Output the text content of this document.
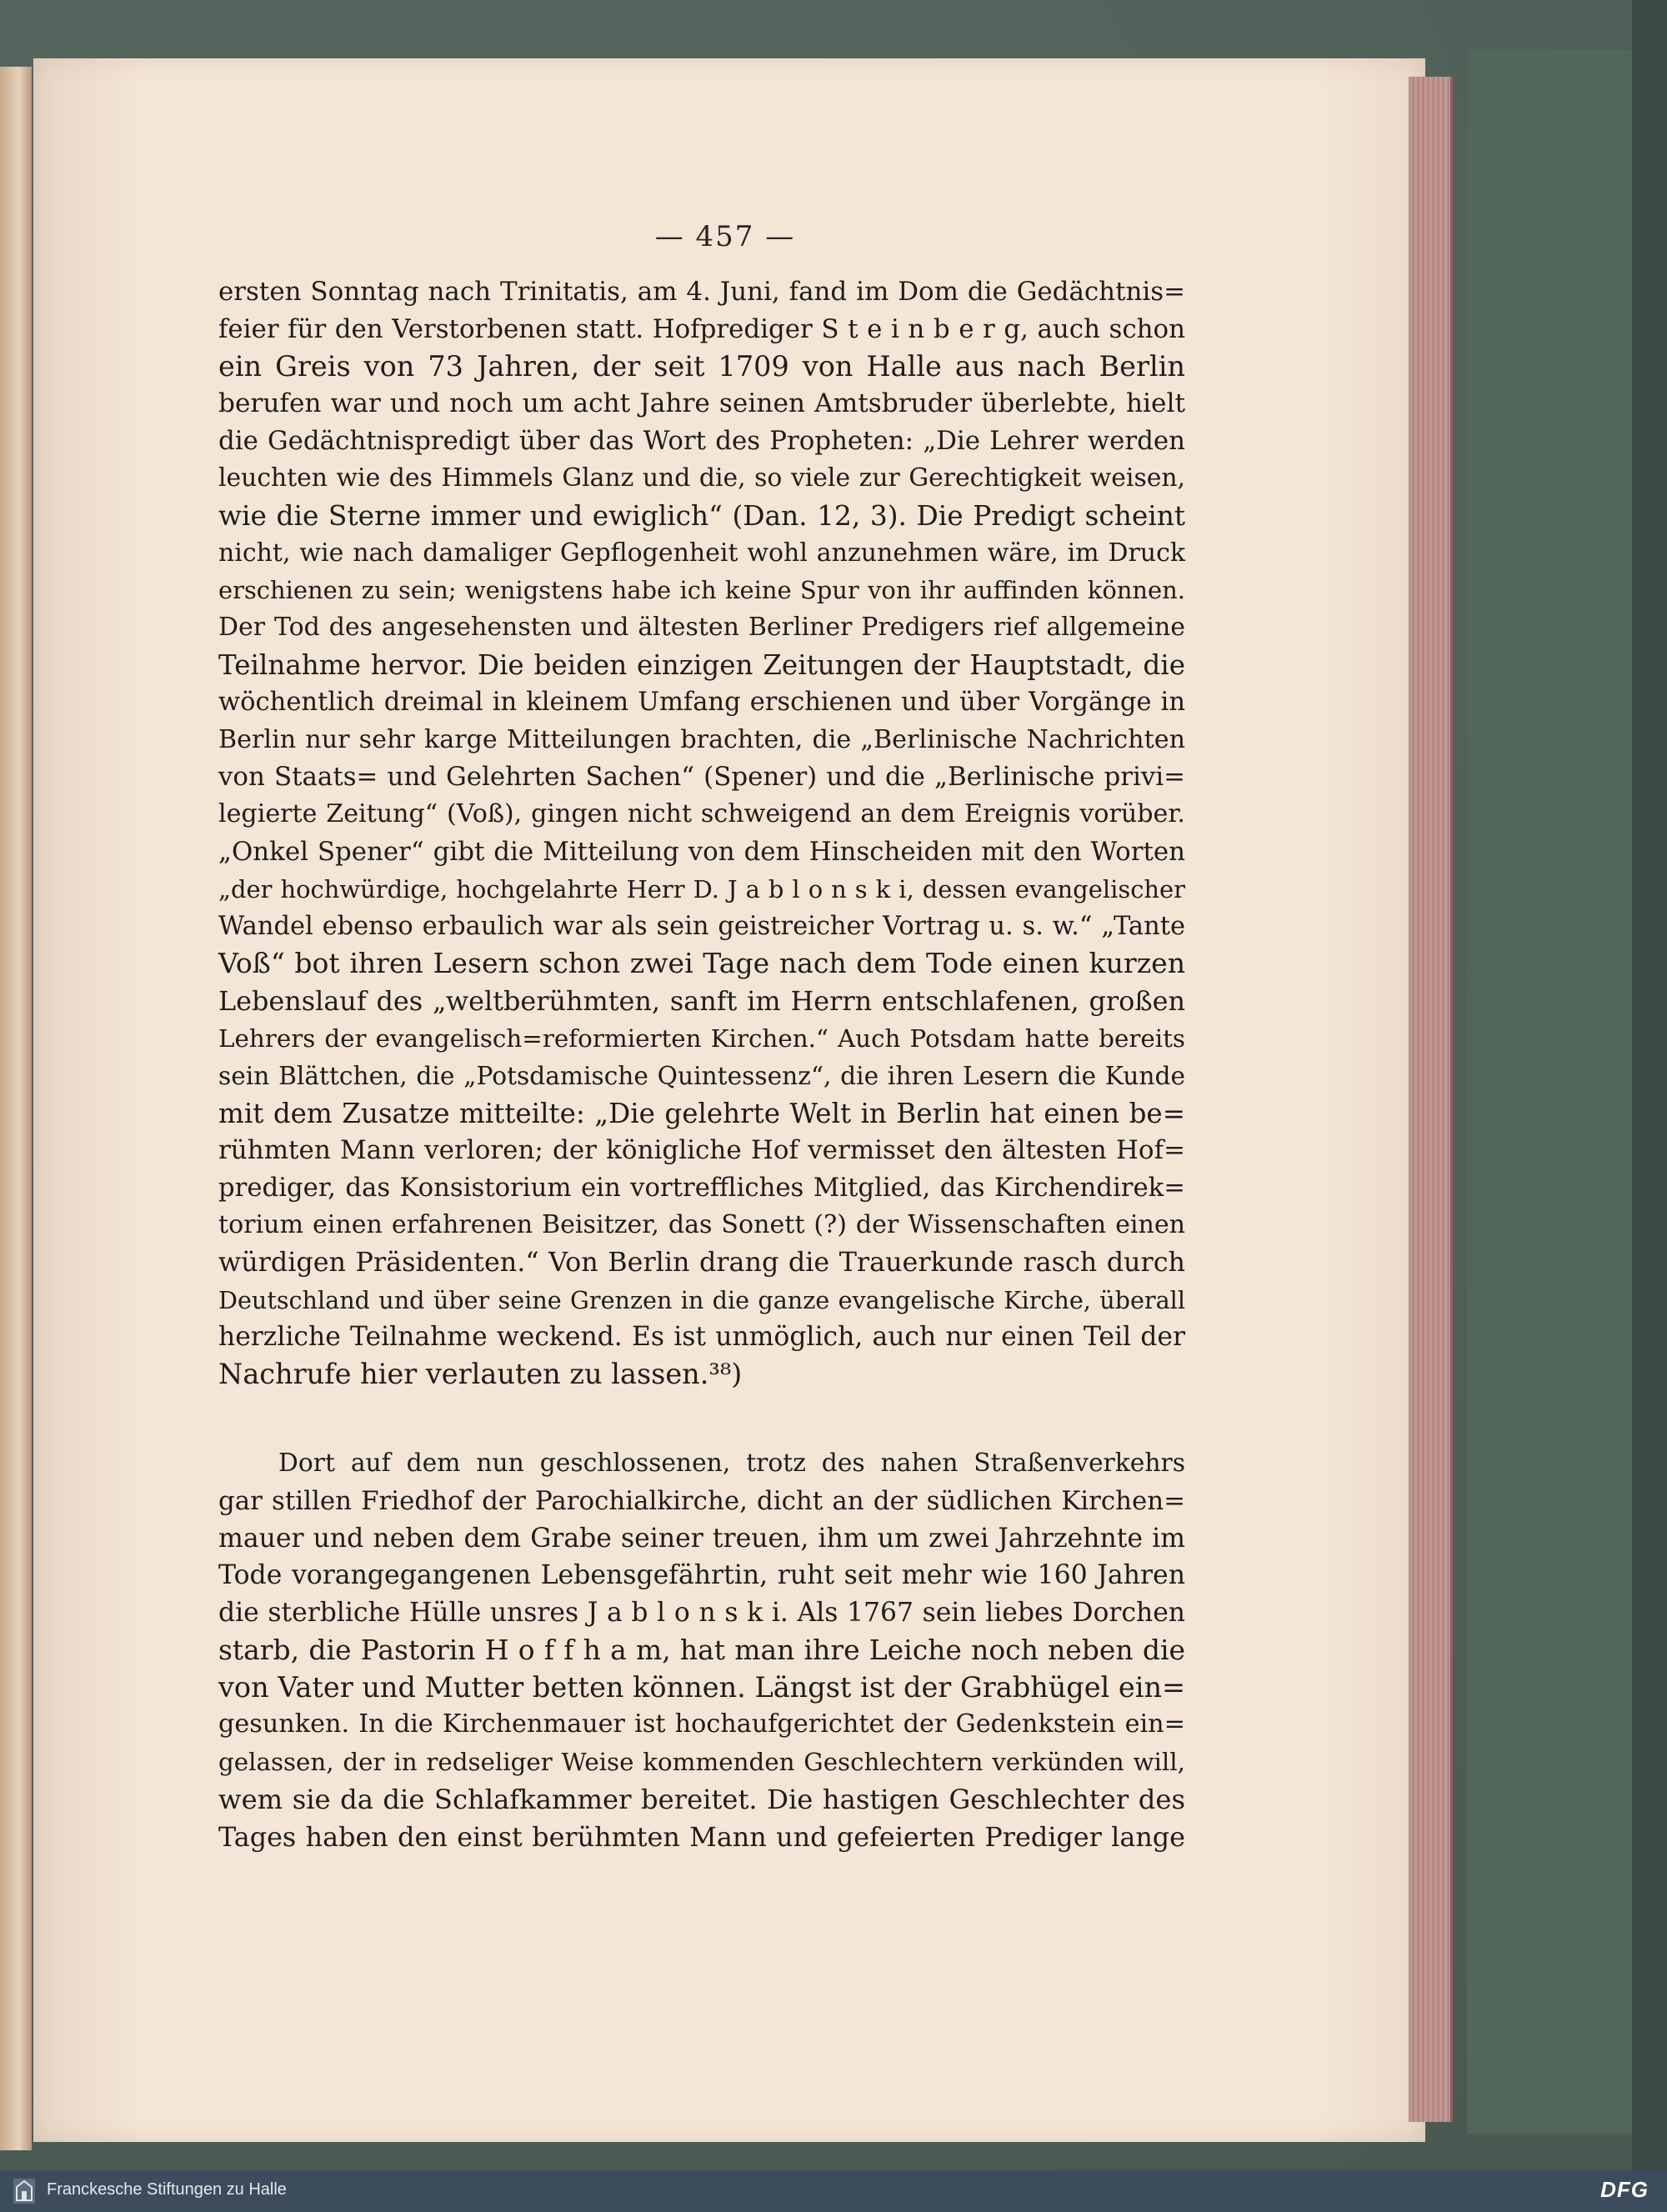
— 457 —
ersten Sonntag nach Trinitatis, am 4. Juni, fand im Dom die Gedächtnis=
feier für den Verstorbenen statt. Hofprediger S t e i n b e r g, auch schon
ein Greis von 73 Jahren, der seit 1709 von Halle aus nach Berlin
berufen war und noch um acht Jahre seinen Amtsbruder überlebte, hielt
die Gedächtnispredigt über das Wort des Propheten: „Die Lehrer werden
leuchten wie des Himmels Glanz und die, so viele zur Gerechtigkeit weisen,
wie die Sterne immer und ewiglich“ (Dan. 12, 3). Die Predigt scheint
nicht, wie nach damaliger Gepflogenheit wohl anzunehmen wäre, im Druck
erschienen zu sein; wenigstens habe ich keine Spur von ihr auffinden können.
Der Tod des angesehensten und ältesten Berliner Predigers rief allgemeine
Teilnahme hervor. Die beiden einzigen Zeitungen der Hauptstadt, die
wöchentlich dreimal in kleinem Umfang erschienen und über Vorgänge in
Berlin nur sehr karge Mitteilungen brachten, die „Berlinische Nachrichten
von Staats= und Gelehrten Sachen“ (Spener) und die „Berlinische privi=
legierte Zeitung“ (Voß), gingen nicht schweigend an dem Ereignis vorüber.
„Onkel Spener“ gibt die Mitteilung von dem Hinscheiden mit den Worten
„der hochwürdige, hochgelahrte Herr D. J a b l o n s k i, dessen evangelischer
Wandel ebenso erbaulich war als sein geistreicher Vortrag u. s. w.“ „Tante
Voß“ bot ihren Lesern schon zwei Tage nach dem Tode einen kurzen
Lebenslauf des „weltberühmten, sanft im Herrn entschlafenen, großen
Lehrers der evangelisch=reformierten Kirchen.“ Auch Potsdam hatte bereits
sein Blättchen, die „Potsdamische Quintessenz“, die ihren Lesern die Kunde
mit dem Zusatze mitteilte: „Die gelehrte Welt in Berlin hat einen be=
rühmten Mann verloren; der königliche Hof vermisset den ältesten Hof=
prediger, das Konsistorium ein vortreffliches Mitglied, das Kirchendirek=
torium einen erfahrenen Beisitzer, das Sonett (?) der Wissenschaften einen
würdigen Präsidenten.“ Von Berlin drang die Trauerkunde rasch durch
Deutschland und über seine Grenzen in die ganze evangelische Kirche, überall
herzliche Teilnahme weckend. Es ist unmöglich, auch nur einen Teil der
Nachrufe hier verlauten zu lassen.³⁸)
Dort auf dem nun geschlossenen, trotz des nahen Straßenverkehrs
gar stillen Friedhof der Parochialkirche, dicht an der südlichen Kirchen=
mauer und neben dem Grabe seiner treuen, ihm um zwei Jahrzehnte im
Tode vorangegangenen Lebensgefährtin, ruht seit mehr wie 160 Jahren
die sterbliche Hülle unsres J a b l o n s k i. Als 1767 sein liebes Dorchen
starb, die Pastorin H o f f h a m, hat man ihre Leiche noch neben die
von Vater und Mutter betten können. Längst ist der Grabhügel ein=
gesunken. In die Kirchenmauer ist hochaufgerichtet der Gedenkstein ein=
gelassen, der in redseliger Weise kommenden Geschlechtern verkünden will,
wem sie da die Schlafkammer bereitet. Die hastigen Geschlechter des
Tages haben den einst berühmten Mann und gefeierten Prediger lange
Franckesche Stiftungen zu Halle	DFG
